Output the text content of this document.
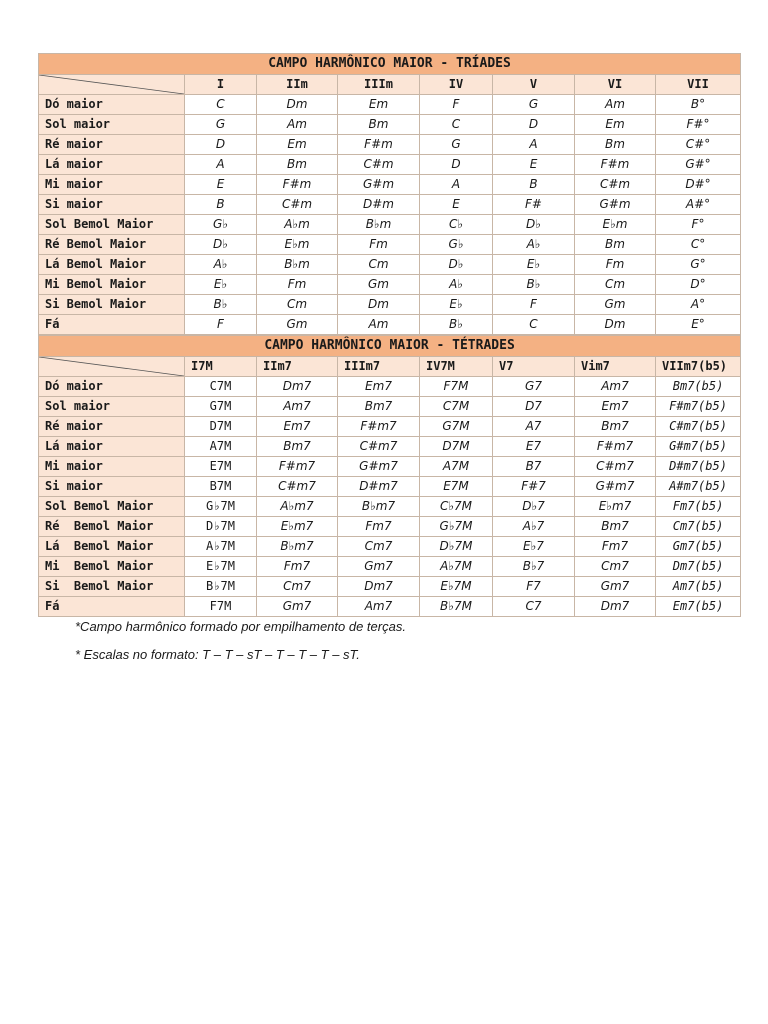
CAMPO HARMÔNICO MAIOR - TRÍADES							

	I	IIm	IIIm	IV	V	VI	VII
Dó maior	C	Dm	Em	F	G	Am	B°
Sol maior	G	Am	Bm	C	D	Em	F#°
Ré maior	D	Em	F#m	G	A	Bm	C#°
Lá maior	A	Bm	C#m	D	E	F#m	G#°
Mi maior	E	F#m	G#m	A	B	C#m	D#°
Si maior	B	C#m	D#m	E	F#	G#m	A#°
Sol Bemol Maior	G♭	A♭m	B♭m	C♭	D♭	E♭m	F°
Ré Bemol Maior	D♭	E♭m	Fm	G♭	A♭	Bm	C°
Lá Bemol Maior	A♭	B♭m	Cm	D♭	E♭	Fm	G°
Mi Bemol Maior	E♭	Fm	Gm	A♭	B♭	Cm	D°
Si Bemol Maior	B♭	Cm	Dm	E♭	F	Gm	A°
Fá	F	Gm	Am	B♭	C	Dm	E°
CAMPO HARMÔNICO MAIOR - TÉTRADES							

	I7M	IIm7	IIIm7	IV7M	V7	Vim7	VIIm7(b5)
Dó maior	C7M	Dm7	Em7	F7M	G7	Am7	Bm7(b5)
Sol maior	G7M	Am7	Bm7	C7M	D7	Em7	F#m7(b5)
Ré maior	D7M	Em7	F#m7	G7M	A7	Bm7	C#m7(b5)
Lá maior	A7M	Bm7	C#m7	D7M	E7	F#m7	G#m7(b5)
Mi maior	E7M	F#m7	G#m7	A7M	B7	C#m7	D#m7(b5)
Si maior	B7M	C#m7	D#m7	E7M	F#7	G#m7	A#m7(b5)
Sol Bemol Maior	G♭7M	A♭m7	B♭m7	C♭7M	D♭7	E♭m7	Fm7(b5)
Ré  Bemol Maior	D♭7M	E♭m7	Fm7	G♭7M	A♭7	Bm7	Cm7(b5)
Lá  Bemol Maior	A♭7M	B♭m7	Cm7	D♭7M	E♭7	Fm7	Gm7(b5)
Mi  Bemol Maior	E♭7M	Fm7	Gm7	A♭7M	B♭7	Cm7	Dm7(b5)
Si  Bemol Maior	B♭7M	Cm7	Dm7	E♭7M	F7	Gm7	Am7(b5)
Fá	F7M	Gm7	Am7	B♭7M	C7	Dm7	Em7(b5)
*Campo harmônico formado por empilhamento de terças.
* Escalas no formato: T – T – sT – T – T – T – sT.
